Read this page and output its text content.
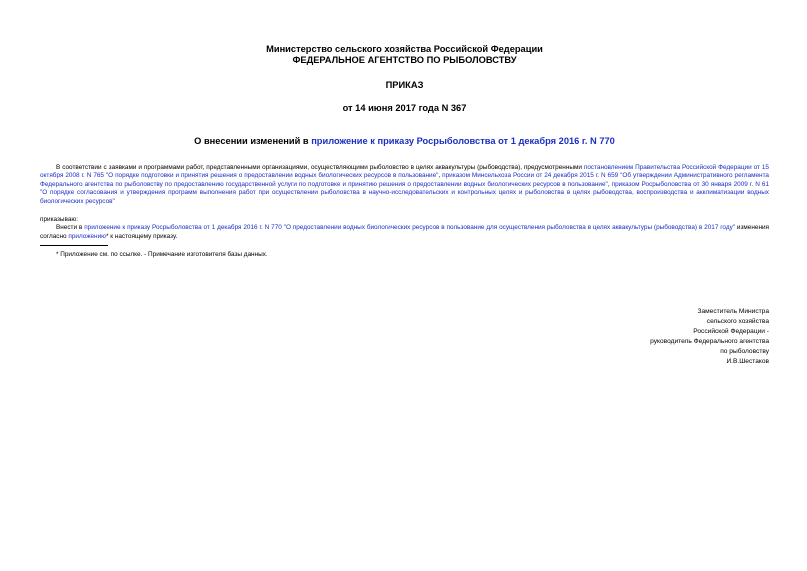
Министерство сельского хозяйства Российской Федерации
ФЕДЕРАЛЬНОЕ АГЕНТСТВО ПО РЫБОЛОВСТВУ
ПРИКАЗ
от 14 июня 2017 года N 367
О внесении изменений в приложение к приказу Росрыболовства от 1 декабря 2016 г. N 770
В соответствии с заявками и программами работ, представленными организациями, осуществляющими рыболовство в целях аквакультуры (рыбоводства), предусмотренными постановлением Правительства Российской Федерации от 15 октября 2008 г. N 765 "О порядке подготовки и принятия решения о предоставлении водных биологических ресурсов в пользование", приказом Минсельхоза России от 24 декабря 2015 г. N 659 "Об утверждении Административного регламента Федерального агентства по рыболовству по предоставлению государственной услуги по подготовке и принятию решения о предоставлении водных биологических ресурсов в пользование", приказом Росрыболовства от 30 января 2009 г. N 61 "О порядке согласования и утверждения программ выполнения работ при осуществлении рыболовства в научно-исследовательских и контрольных целях и рыболовства в целях рыбоводства, воспроизводства и акклиматизации водных биологических ресурсов"
приказываю:
Внести в приложение к приказу Росрыболовства от 1 декабря 2016 г. N 770 "О предоставлении водных биологических ресурсов в пользование для осуществления рыболовства в целях аквакультуры (рыбоводства) в 2017 году" изменения согласно приложению* к настоящему приказу.
* Приложение см. по ссылке. - Примечание изготовителя базы данных.
Заместитель Министра
сельского хозяйства
Российской Федерации -
руководитель Федерального агентства
по рыболовству
И.В.Шестаков
